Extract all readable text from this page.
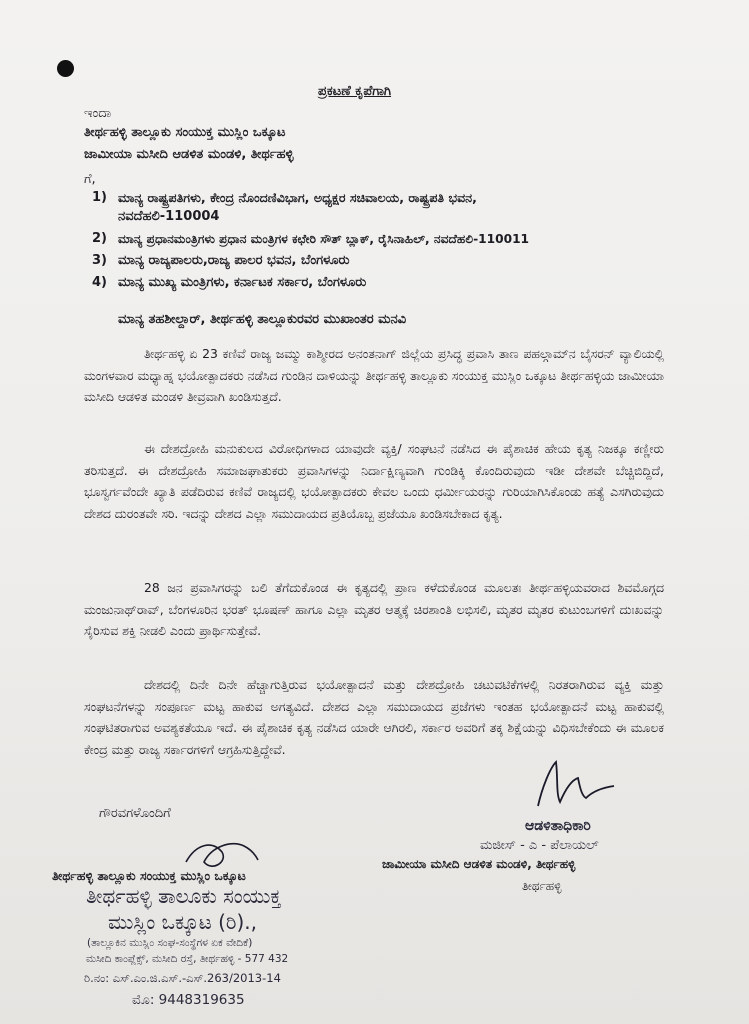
ಪ್ರಕಟಣೆ ಕೃಪೆಗಾಗಿ
ಇಂದಾ
ತೀರ್ಥಹಳ್ಳಿ ತಾಲ್ಲೂಕು ಸಂಯುಕ್ತ ಮುಸ್ಲಿಂ ಒಕ್ಕೂಟ
ಜಾಮೀಯಾ ಮಸೀದಿ ಆಡಳಿತ ಮಂಡಳಿ, ತೀರ್ಥಹಳ್ಳಿ
ಗೆ,
1) ಮಾನ್ಯ ರಾಷ್ಟ್ರಪತಿಗಳು, ಕೇಂದ್ರ ನೊಂದಣಿವಿಭಾಗ, ಅಧ್ಯಕ್ಷರ ಸಚಿವಾಲಯ, ರಾಷ್ಟ್ರಪತಿ ಭವನ,
ನವದೆಹಲಿ-110004
2) ಮಾನ್ಯ ಪ್ರಧಾನಮಂತ್ರಿಗಳು ಪ್ರಧಾನ ಮಂತ್ರಿಗಳ ಕಛೇರಿ ಸೌತ್ ಬ್ಲಾಕ್, ರೈಸಿನಾಹಿಲ್, ನವದೆಹಲಿ-110011
3) ಮಾನ್ಯ ರಾಜ್ಯಪಾಲರು,ರಾಜ್ಯ ಪಾಲರ ಭವನ, ಬೆಂಗಳೂರು
4) ಮಾನ್ಯ ಮುಖ್ಯ ಮಂತ್ರಿಗಳು, ಕರ್ನಾಟಕ ಸರ್ಕಾರ, ಬೆಂಗಳೂರು
ಮಾನ್ಯ ತಹಶೀಲ್ದಾರ್, ತೀರ್ಥಹಳ್ಳಿ ತಾಲ್ಲೂಕುರವರ ಮುಖಾಂತರ ಮನವಿ
ತೀರ್ಥಹಳ್ಳಿ ಏ 23 ಕಣಿವೆ ರಾಜ್ಯ ಜಮ್ಮು ಕಾಶ್ಮೀರದ ಅನಂತನಾಗ್ ಜಿಲ್ಲೆಯ ಪ್ರಸಿದ್ಧ ಪ್ರವಾಸಿ ತಾಣ ಪಹಲ್ಗಾಮ್‌ನ ಬೈಸರನ್ ವ್ಯಾಲಿಯಲ್ಲಿ ಮಂಗಳವಾರ ಮಧ್ಯಾಹ್ನ ಭಯೋತ್ಪಾದಕರು ನಡೆಸಿದ ಗುಂಡಿನ ದಾಳಿಯನ್ನು ತೀರ್ಥಹಳ್ಳಿ ತಾಲ್ಲೂಕು ಸಂಯುಕ್ತ ಮುಸ್ಲಿಂ ಒಕ್ಕೂಟ ತೀರ್ಥಹಳ್ಳಿಯ ಜಾಮೀಯಾ ಮಸೀದಿ ಆಡಳಿತ ಮಂಡಳಿ ತೀವ್ರವಾಗಿ ಖಂಡಿಸುತ್ತದೆ.
ಈ ದೇಶದ್ರೋಹಿ ಮನುಕುಲದ ವಿರೋಧಿಗಳಾದ ಯಾವುದೇ ವ್ಯಕ್ತಿ/ ಸಂಘಟನೆ ನಡೆಸಿದ ಈ ಪೈಶಾಚಿಕ ಹೇಯ ಕೃತ್ಯ ನಿಜಕ್ಕೂ ಕಣ್ಣೀರು ತರಿಸುತ್ತದೆ. ಈ ದೇಶದ್ರೋಹಿ ಸಮಾಜಘಾತುಕರು ಪ್ರವಾಸಿಗಳನ್ನು ನಿರ್ದಾಕ್ಷಿಣ್ಯವಾಗಿ ಗುಂಡಿಕ್ಕಿ ಕೊಂದಿರುವುದು ಇಡೀ ದೇಶವೇ ಬೆಚ್ಚಿಬಿದ್ದಿದೆ, ಭೂಸ್ವರ್ಗವೆಂದೇ ಖ್ಯಾತಿ ಪಡೆದಿರುವ ಕಣಿವೆ ರಾಜ್ಯದಲ್ಲಿ ಭಯೋತ್ಪಾದಕರು ಕೇವಲ ಒಂದು ಧರ್ಮೀಯರನ್ನು ಗುರಿಯಾಗಿಸಿಕೊಂಡು ಹತ್ಯೆ ಎಸಗಿರುವುದು ದೇಶದ ದುರಂತವೇ ಸರಿ. ಇದನ್ನು ದೇಶದ ಎಲ್ಲಾ ಸಮುದಾಯದ ಪ್ರತಿಯೊಬ್ಬ ಪ್ರಜೆಯೂ ಖಂಡಿಸಬೇಕಾದ ಕೃತ್ಯ.
28 ಜನ ಪ್ರವಾಸಿಗರನ್ನು ಬಲಿ ತೆಗೆದುಕೊಂಡ ಈ ಕೃತ್ಯದಲ್ಲಿ ಪ್ರಾಣ ಕಳೆದುಕೊಂಡ ಮೂಲತಃ ತೀರ್ಥಹಳ್ಳಿಯವರಾದ ಶಿವಮೊಗ್ಗದ ಮಂಜುನಾಥ್‌ರಾವ್, ಬೆಂಗಳೂರಿನ ಭರತ್ ಭೂಷಣ್ ಹಾಗೂ ಎಲ್ಲಾ ಮೃತರ ಆತ್ಮಕ್ಕೆ ಚಿರಶಾಂತಿ ಲಭಿಸಲಿ, ಮೃತರ ಮೃತರ ಕುಟುಂಬಗಳಿಗೆ ದುಃಖವನ್ನು ಸೈರಿಸುವ ಶಕ್ತಿ ನೀಡಲಿ ಎಂದು ಪ್ರಾರ್ಥಿಸುತ್ತೇವೆ.
ದೇಶದಲ್ಲಿ ದಿನೇ ದಿನೇ ಹೆಚ್ಚಾಗುತ್ತಿರುವ ಭಯೋತ್ಪಾದನೆ ಮತ್ತು ದೇಶದ್ರೋಹಿ ಚಟುವಟಿಕೆಗಳಲ್ಲಿ ನಿರತರಾಗಿರುವ ವ್ಯಕ್ತಿ ಮತ್ತು ಸಂಘಟನೆಗಳನ್ನು ಸಂಪೂರ್ಣ ಮಟ್ಟ ಹಾಕುವ ಅಗತ್ಯವಿದೆ. ದೇಶದ ಎಲ್ಲಾ ಸಮುದಾಯದ ಪ್ರಜೆಗಳು ಇಂತಹ ಭಯೋತ್ಪಾದನೆ ಮಟ್ಟ ಹಾಕುವಲ್ಲಿ ಸಂಘಟಿತರಾಗುವ ಅವಶ್ಯಕತೆಯೂ ಇದೆ. ಈ ಪೈಶಾಚಿಕ ಕೃತ್ಯ ನಡೆಸಿದ ಯಾರೇ ಆಗಿರಲಿ, ಸರ್ಕಾರ ಅವರಿಗೆ ತಕ್ಕ ಶಿಕ್ಷೆಯನ್ನು ವಿಧಿಸಬೇಕೆಂದು ಈ ಮೂಲಕ ಕೇಂದ್ರ ಮತ್ತು ರಾಜ್ಯ ಸರ್ಕಾರಗಳಿಗೆ ಆಗ್ರಹಿಸುತ್ತಿದ್ದೇವೆ.
ಗೌರವಗಳೊಂದಿಗೆ
ಆಡಳಿತಾಧಿಕಾರಿ
ಮಜೀಸ್ - ಎ - ಪೆಲಾಯಲ್
ಜಾಮೀಯಾ ಮಸೀದಿ ಆಡಳಿತ ಮಂಡಳಿ, ತೀರ್ಥಹಳ್ಳಿ
ತೀರ್ಥಹಳ್ಳಿ
ತೀರ್ಥಹಳ್ಳಿ ತಾಲ್ಲೂಕು ಸಂಯುಕ್ತ ಮುಸ್ಲಿಂ ಒಕ್ಕೂಟ
ತೀರ್ಥಹಳ್ಳಿ ತಾಲೂಕು ಸಂಯುಕ್ತ
ಮುಸ್ಲಿಂ ಒಕ್ಕೂಟ (ರಿ).,
(ತಾಲ್ಲೂಕಿನ ಮುಸ್ಲಿಂ ಸಂಘ-ಸಂಸ್ಥೆಗಳ ಏಕ ವೇದಿಕೆ)
ಮಸೀದಿ ಕಾಂಪ್ಲೆಕ್ಸ್, ಮಸೀದಿ ರಸ್ತೆ, ತೀರ್ಥಹಳ್ಳಿ - 577 432
ರಿ.ನಂ: ಎಸ್.ಎಂ.ಜಿ.ಎಸ್.-ಎಸ್.263/2013-14
ಮೊ: 9448319635
